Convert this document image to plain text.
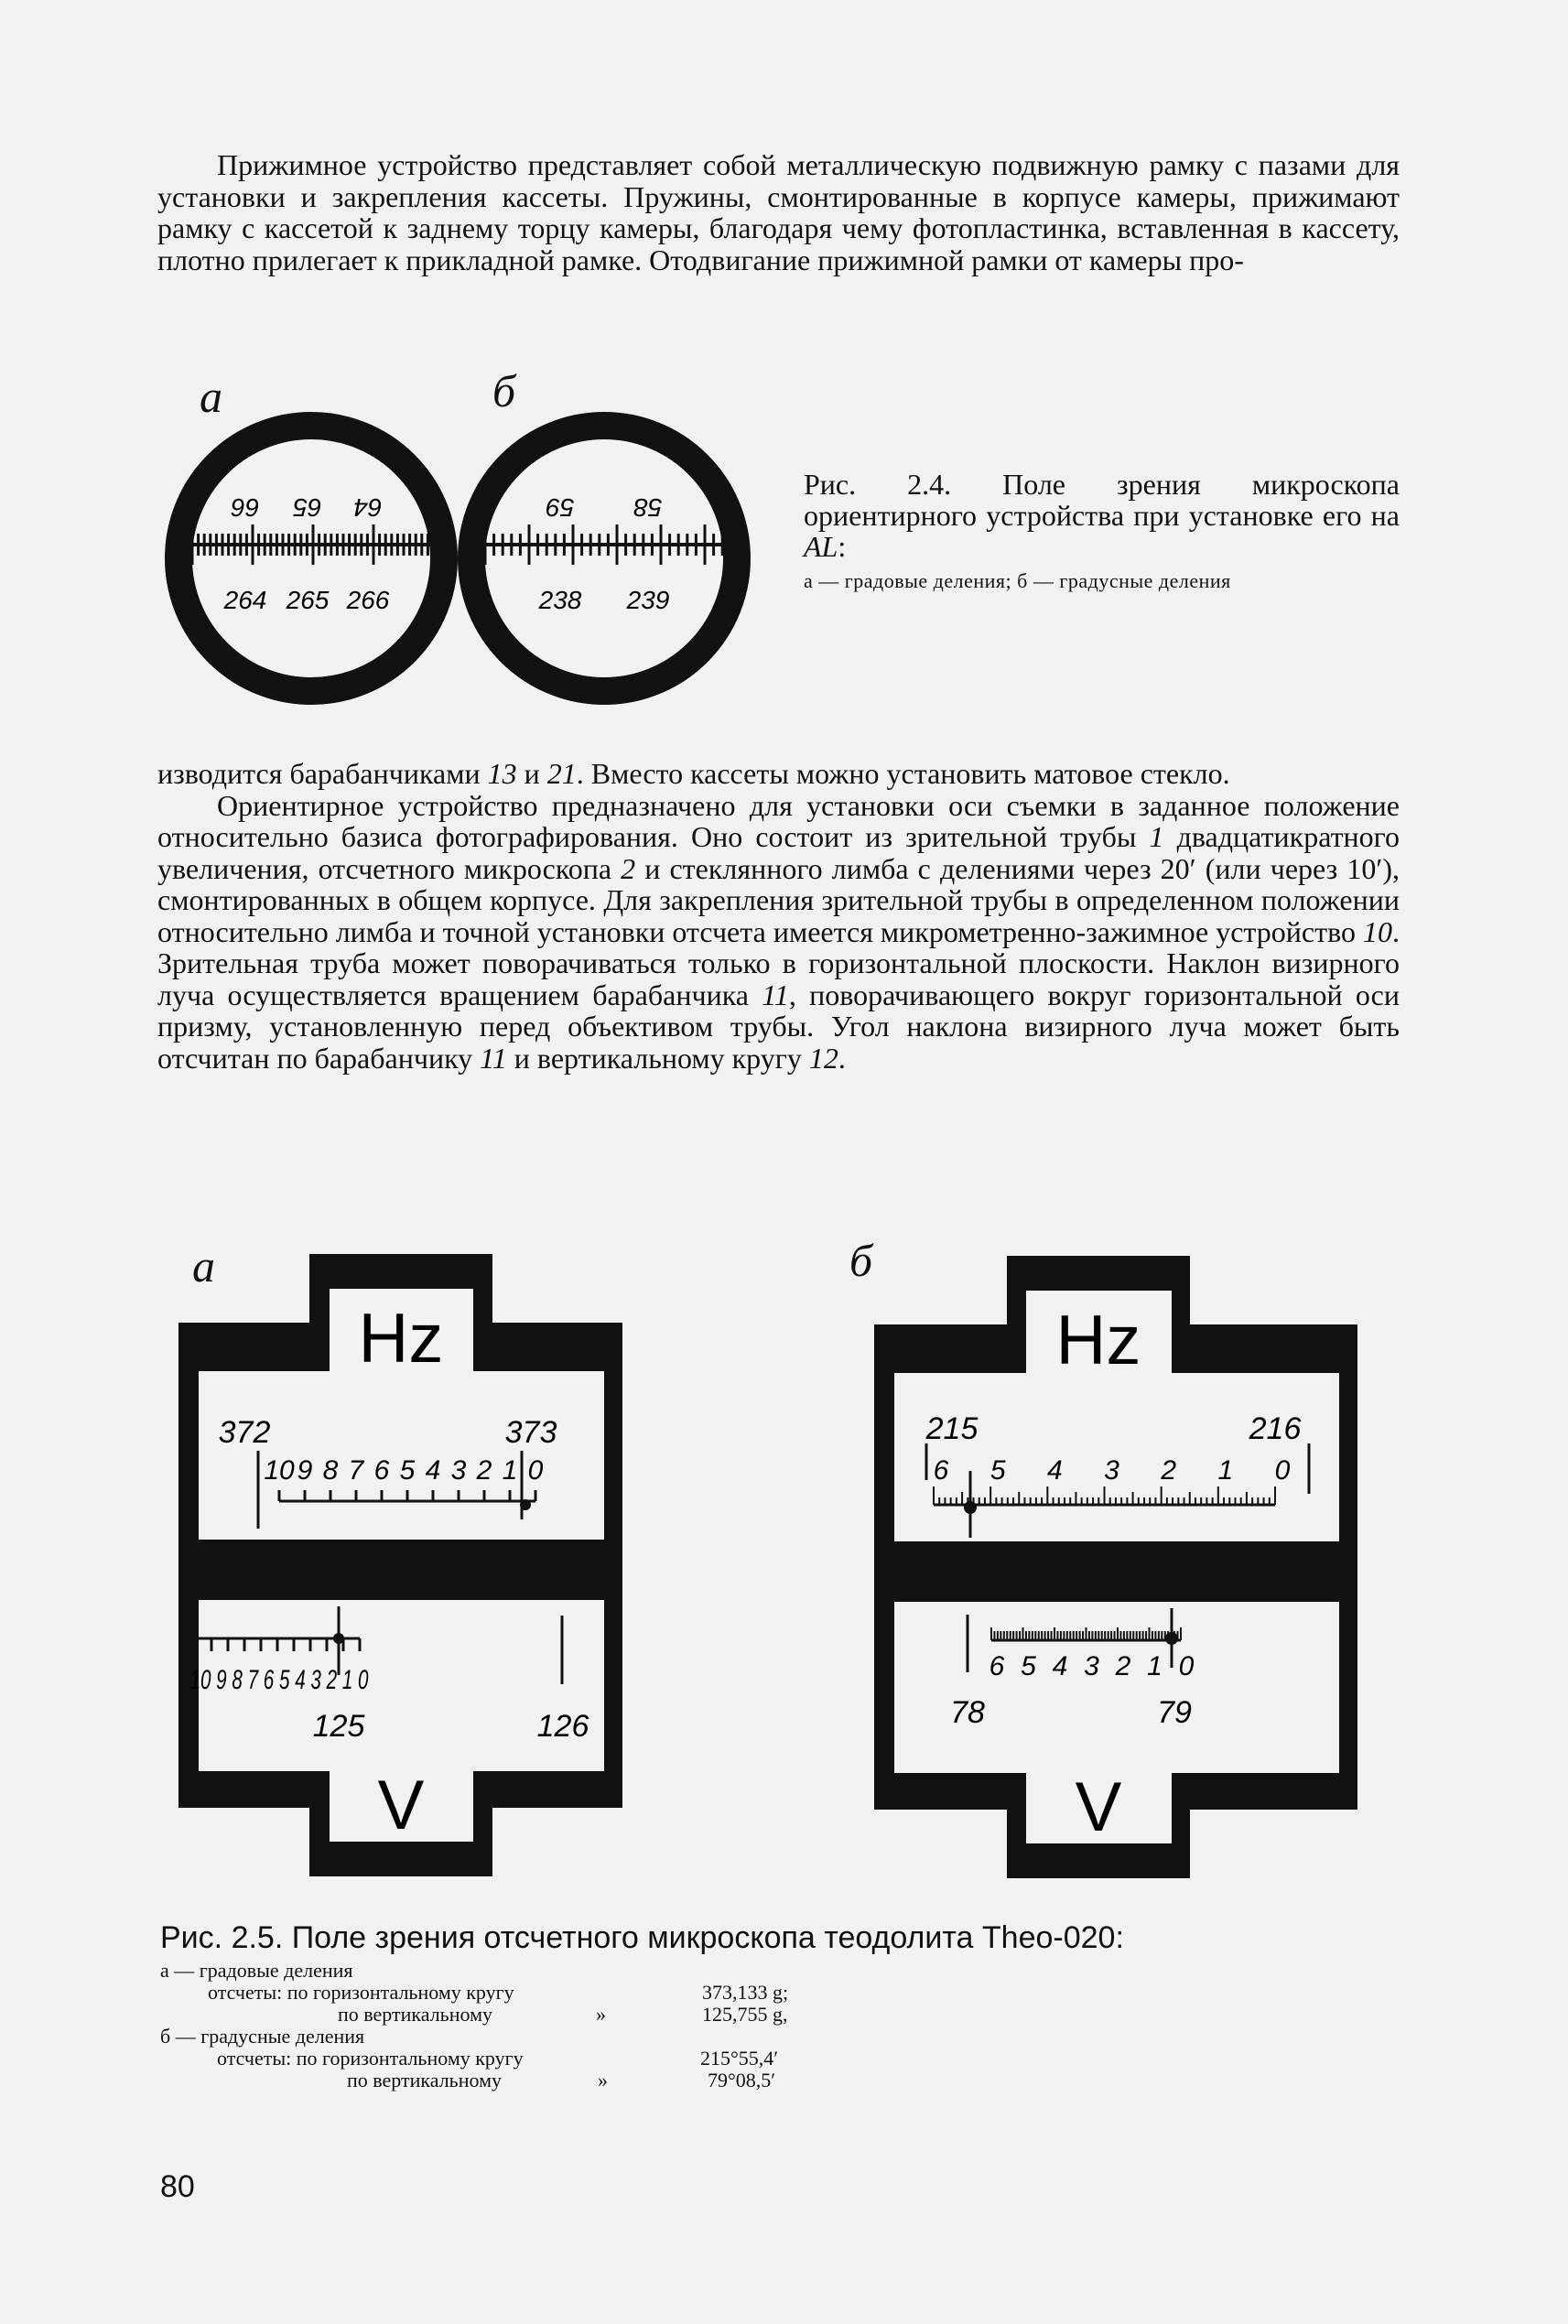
Прижимное устройство представляет собой металлическую подвижную рамку с пазами для установки и закрепления кассеты. Пружины, смонтированные в корпусе камеры, прижимают рамку с кассетой к заднему торцу камеры, благодаря чему фотопластинка, вставленная в кассету, плотно прилегает к прикладной рамке. Отодвигание прижимной рамки от камеры про-

а	б
66 65 64
264 265 266
59 58
238 239
Рис. 2.4. Поле зрения микроскопа ориентирного устройства при установке его на AL:
а — градовые деления; б — градусные деления

изводится барабанчиками 13 и 21. Вместо кассеты можно установить матовое стекло.

Ориентирное устройство предназначено для установки оси съемки в заданное положение относительно базиса фотографирования. Оно состоит из зрительной трубы 1 двадцатикратного увеличения, отсчетного микроскопа 2 и стеклянного лимба с делениями через 20′ (или через 10′), смонтированных в общем корпусе. Для закрепления зрительной трубы в определенном положении относительно лимба и точной установки отсчета имеется микрометренно-зажимное устройство 10. Зрительная труба может поворачиваться только в горизонтальной плоскости. Наклон визирного луча осуществляется вращением барабанчика 11, поворачивающего вокруг горизонтальной оси призму, установленную перед объективом трубы. Угол наклона визирного луча может быть отсчитан по барабанчику 11 и вертикальному кругу 12.

а	б
Hz
372	373
10 9 8 7 6 5 4 3 2 1 0
10 9 8 7 6 5 4 3 2 1 0
125	126
V
Hz
215	216
6 5 4 3 2 1 0
6 5 4 3 2 1 0
78	79
V
Рис. 2.5. Поле зрения отсчетного микроскопа теодолита Theo-020:
а — градовые деления
отсчеты: по горизонтальному кругу	373,133 g;
по вертикальному	»	125,755 g,
б — градусные деления
отсчеты: по горизонтальному кругу	215°55,4′
по вертикальному	»	79°08,5′
80
